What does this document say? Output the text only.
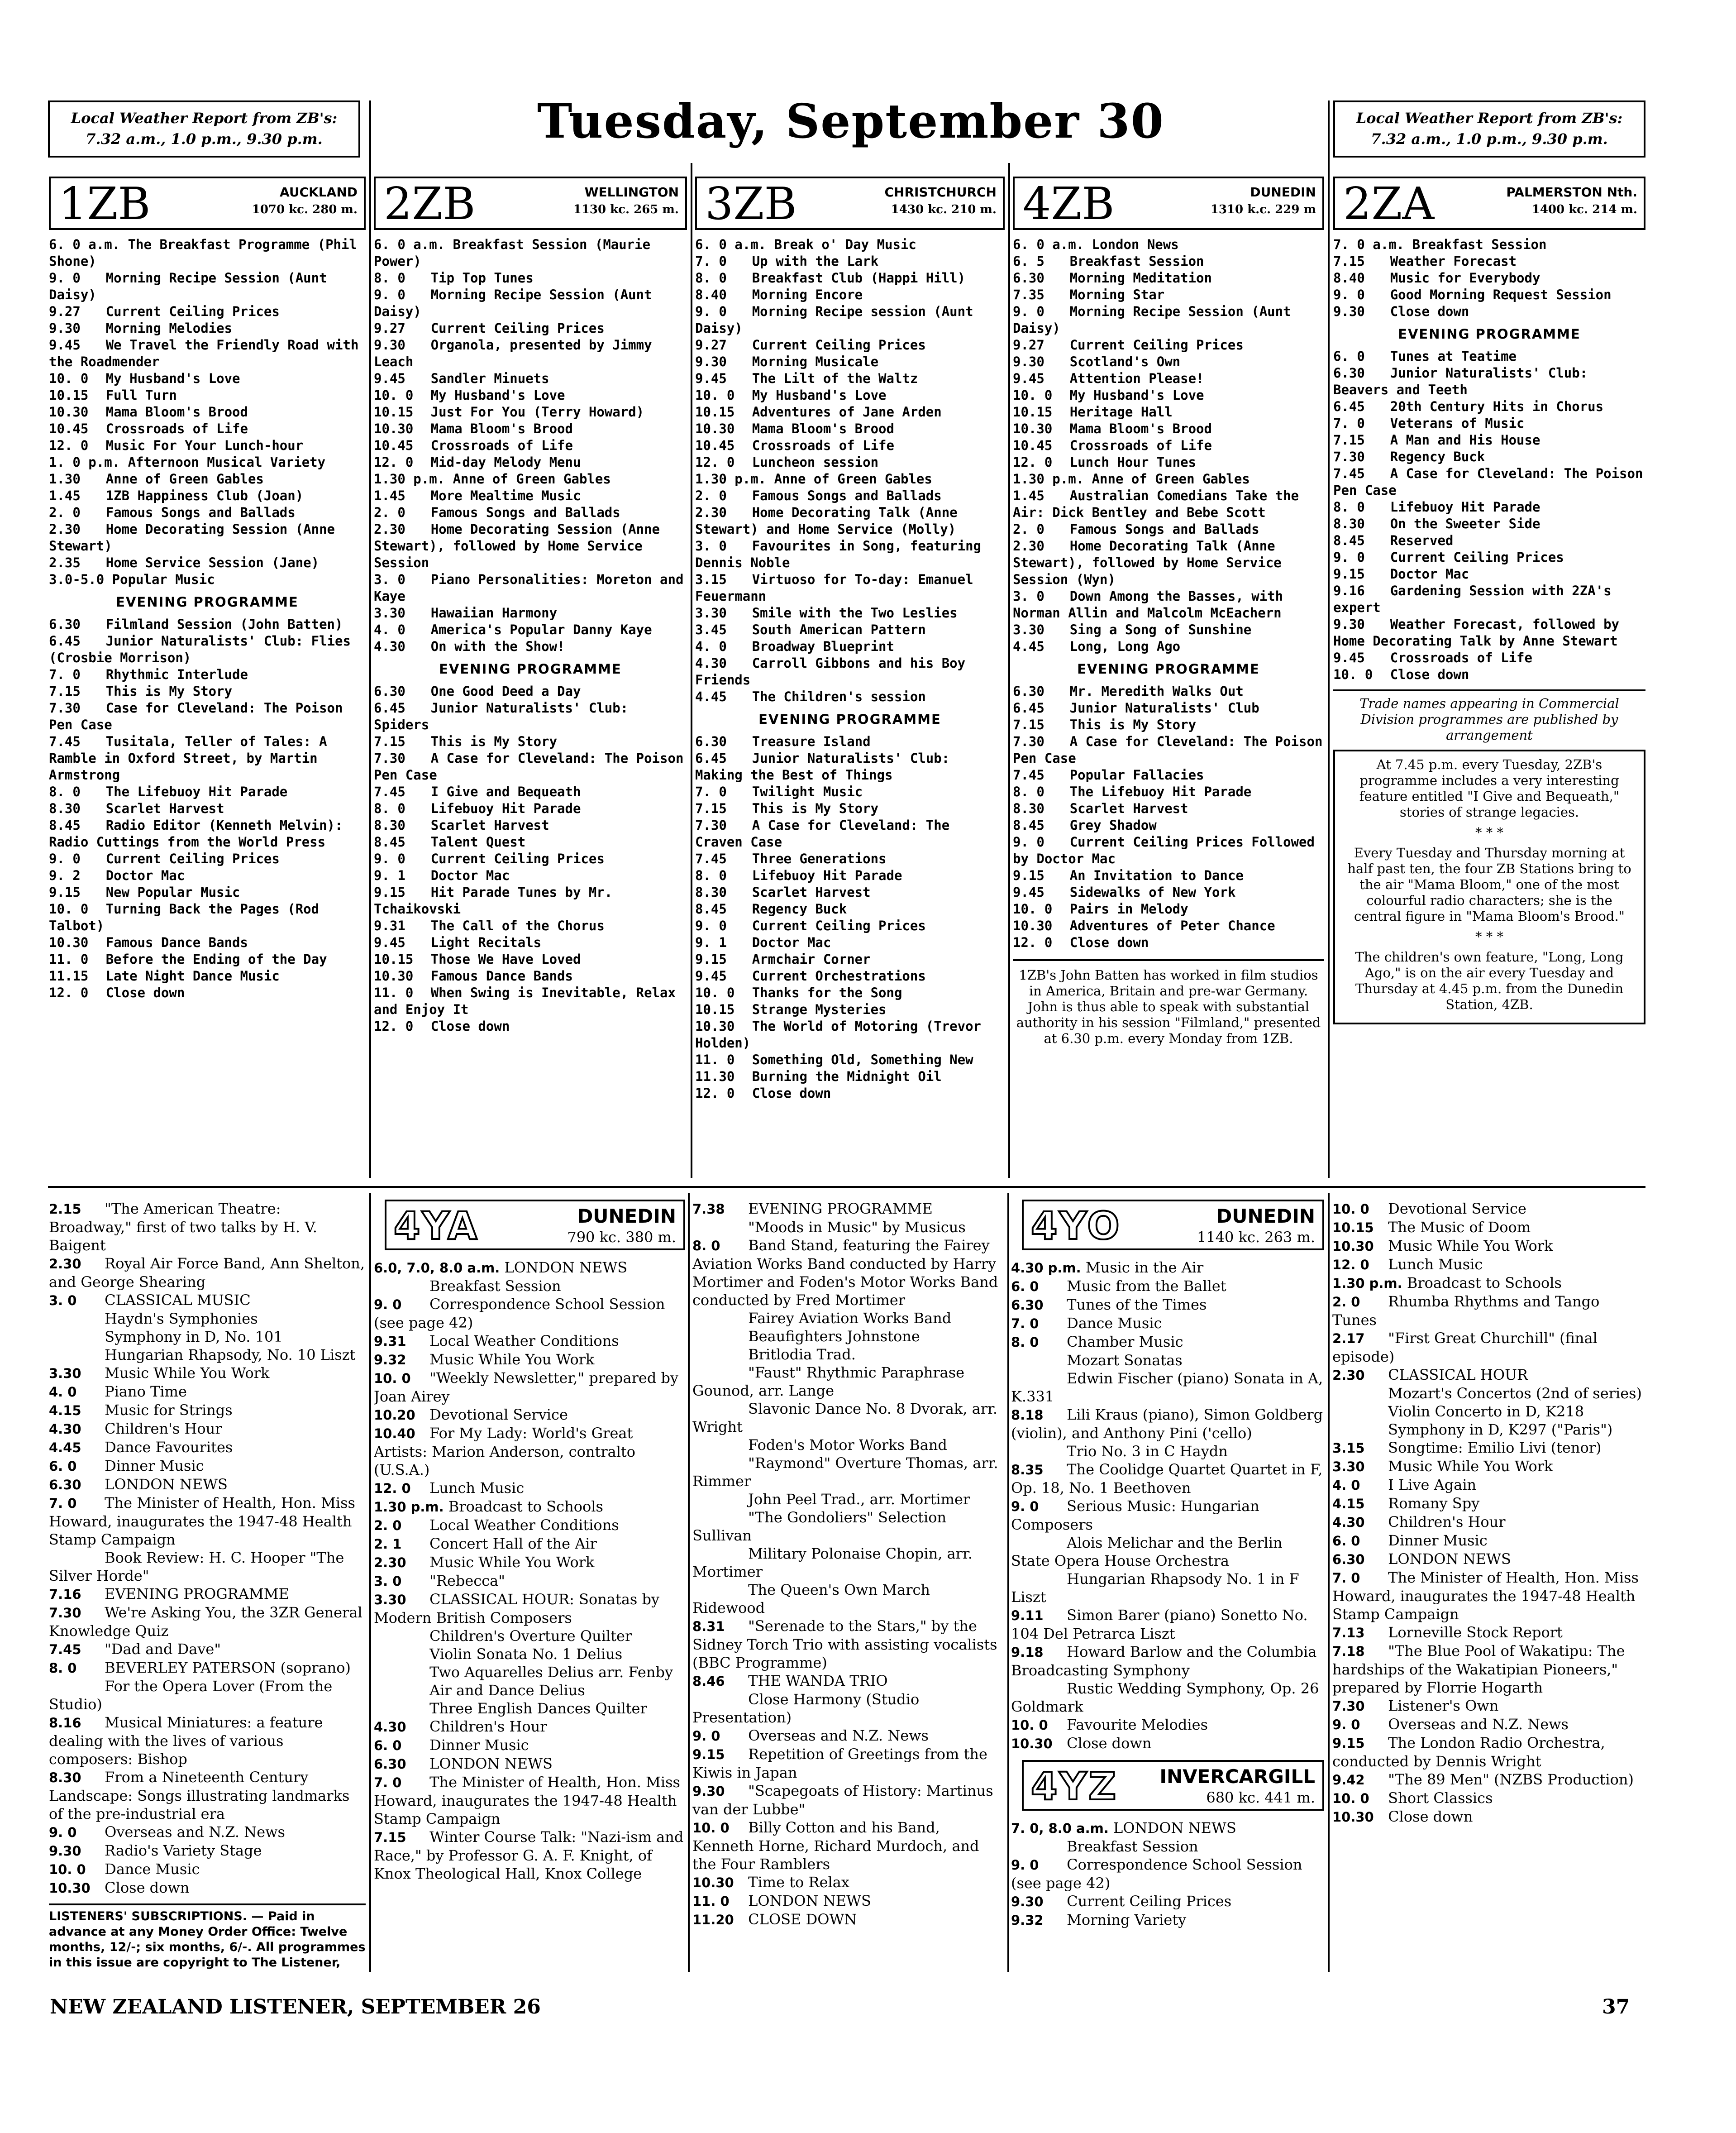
Local Weather Report from ZB's:
7.32 a.m., 1.0 p.m., 9.30 p.m.	Tuesday, September 30	Local Weather Report from ZB's:
7.32 a.m., 1.0 p.m., 9.30 p.m.
1ZB	AUCKLAND
1070 kc. 280 m.
6. 0 a.m. The Breakfast Programme (Phil Shone)
9. 0 Morning Recipe Session (Aunt Daisy)
9.27 Current Ceiling Prices
9.30 Morning Melodies
9.45 We Travel the Friendly Road with the Roadmender
10. 0 My Husband's Love
10.15 Full Turn
10.30 Mama Bloom's Brood
10.45 Crossroads of Life
12. 0 Music For Your Lunch-hour
1. 0 p.m. Afternoon Musical Variety
1.30 Anne of Green Gables
1.45 1ZB Happiness Club (Joan)
2. 0 Famous Songs and Ballads
2.30 Home Decorating Session (Anne Stewart)
2.35 Home Service Session (Jane)
3.0-5.0 Popular Music
EVENING PROGRAMME
6.30 Filmland Session (John Batten)
6.45 Junior Naturalists' Club: Flies (Crosbie Morrison)
7. 0 Rhythmic Interlude
7.15 This is My Story
7.30 Case for Cleveland: The Poison Pen Case
7.45 Tusitala, Teller of Tales: A Ramble in Oxford Street, by Martin Armstrong
8. 0 The Lifebuoy Hit Parade
8.30 Scarlet Harvest
8.45 Radio Editor (Kenneth Melvin): Radio Cuttings from the World Press
9. 0 Current Ceiling Prices
9. 2 Doctor Mac
9.15 New Popular Music
10. 0 Turning Back the Pages (Rod Talbot)
10.30 Famous Dance Bands
11. 0 Before the Ending of the Day
11.15 Late Night Dance Music
12. 0 Close down
2ZB	WELLINGTON
1130 kc. 265 m.
6. 0 a.m. Breakfast Session (Maurie Power)
8. 0 Tip Top Tunes
9. 0 Morning Recipe Session (Aunt Daisy)
9.27 Current Ceiling Prices
9.30 Organola, presented by Jimmy Leach
9.45 Sandler Minuets
10. 0 My Husband's Love
10.15 Just For You (Terry Howard)
10.30 Mama Bloom's Brood
10.45 Crossroads of Life
12. 0 Mid-day Melody Menu
1.30 p.m. Anne of Green Gables
1.45 More Mealtime Music
2. 0 Famous Songs and Ballads
2.30 Home Decorating Session (Anne Stewart), followed by Home Service Session
3. 0 Piano Personalities: Moreton and Kaye
3.30 Hawaiian Harmony
4. 0 America's Popular Danny Kaye
4.30 On with the Show!
EVENING PROGRAMME
6.30 One Good Deed a Day
6.45 Junior Naturalists' Club: Spiders
7.15 This is My Story
7.30 A Case for Cleveland: The Poison Pen Case
7.45 I Give and Bequeath
8. 0 Lifebuoy Hit Parade
8.30 Scarlet Harvest
8.45 Talent Quest
9. 0 Current Ceiling Prices
9. 1 Doctor Mac
9.15 Hit Parade Tunes by Mr. Tchaikovski
9.31 The Call of the Chorus
9.45 Light Recitals
10.15 Those We Have Loved
10.30 Famous Dance Bands
11. 0 When Swing is Inevitable, Relax and Enjoy It
12. 0 Close down
3ZB	CHRISTCHURCH
1430 kc. 210 m.
6. 0 a.m. Break o' Day Music
7. 0 Up with the Lark
8. 0 Breakfast Club (Happi Hill)
8.40 Morning Encore
9. 0 Morning Recipe session (Aunt Daisy)
9.27 Current Ceiling Prices
9.30 Morning Musicale
9.45 The Lilt of the Waltz
10. 0 My Husband's Love
10.15 Adventures of Jane Arden
10.30 Mama Bloom's Brood
10.45 Crossroads of Life
12. 0 Luncheon session
1.30 p.m. Anne of Green Gables
2. 0 Famous Songs and Ballads
2.30 Home Decorating Talk (Anne Stewart) and Home Service (Molly)
3. 0 Favourites in Song, featuring Dennis Noble
3.15 Virtuoso for To-day: Emanuel Feuermann
3.30 Smile with the Two Leslies
3.45 South American Pattern
4. 0 Broadway Blueprint
4.30 Carroll Gibbons and his Boy Friends
4.45 The Children's session
EVENING PROGRAMME
6.30 Treasure Island
6.45 Junior Naturalists' Club: Making the Best of Things
7. 0 Twilight Music
7.15 This is My Story
7.30 A Case for Cleveland: The Craven Case
7.45 Three Generations
8. 0 Lifebuoy Hit Parade
8.30 Scarlet Harvest
8.45 Regency Buck
9. 0 Current Ceiling Prices
9. 1 Doctor Mac
9.15 Armchair Corner
9.45 Current Orchestrations
10. 0 Thanks for the Song
10.15 Strange Mysteries
10.30 The World of Motoring (Trevor Holden)
11. 0 Something Old, Something New
11.30 Burning the Midnight Oil
12. 0 Close down
4ZB	DUNEDIN
1310 k.c. 229 m
6. 0 a.m. London News
6. 5 Breakfast Session
6.30 Morning Meditation
7.35 Morning Star
9. 0 Morning Recipe Session (Aunt Daisy)
9.27 Current Ceiling Prices
9.30 Scotland's Own
9.45 Attention Please!
10. 0 My Husband's Love
10.15 Heritage Hall
10.30 Mama Bloom's Brood
10.45 Crossroads of Life
12. 0 Lunch Hour Tunes
1.30 p.m. Anne of Green Gables
1.45 Australian Comedians Take the Air: Dick Bentley and Bebe Scott
2. 0 Famous Songs and Ballads
2.30 Home Decorating Talk (Anne Stewart), followed by Home Service Session (Wyn)
3. 0 Down Among the Basses, with Norman Allin and Malcolm McEachern
3.30 Sing a Song of Sunshine
4.45 Long, Long Ago
EVENING PROGRAMME
6.30 Mr. Meredith Walks Out
6.45 Junior Naturalists' Club
7.15 This is My Story
7.30 A Case for Cleveland: The Poison Pen Case
7.45 Popular Fallacies
8. 0 The Lifebuoy Hit Parade
8.30 Scarlet Harvest
8.45 Grey Shadow
9. 0 Current Ceiling Prices Followed by Doctor Mac
9.15 An Invitation to Dance
9.45 Sidewalks of New York
10. 0 Pairs in Melody
10.30 Adventures of Peter Chance
12. 0 Close down

1ZB's John Batten has worked in film studios in America, Britain and pre-war Germany. John is thus able to speak with substantial authority in his session "Filmland," presented at 6.30 p.m. every Monday from 1ZB.

2ZA	PALMERSTON Nth.
1400 kc. 214 m.
7. 0 a.m. Breakfast Session
7.15 Weather Forecast
8.40 Music for Everybody
9. 0 Good Morning Request Session
9.30 Close down
EVENING PROGRAMME
6. 0 Tunes at Teatime
6.30 Junior Naturalists' Club: Beavers and Teeth
6.45 20th Century Hits in Chorus
7. 0 Veterans of Music
7.15 A Man and His House
7.30 Regency Buck
7.45 A Case for Cleveland: The Poison Pen Case
8. 0 Lifebuoy Hit Parade
8.30 On the Sweeter Side
8.45 Reserved
9. 0 Current Ceiling Prices
9.15 Doctor Mac
9.16 Gardening Session with 2ZA's expert
9.30 Weather Forecast, followed by Home Decorating Talk by Anne Stewart
9.45 Crossroads of Life
10. 0 Close down
Trade names appearing in Commercial Division programmes are published by arrangement

At 7.45 p.m. every Tuesday, 2ZB's programme includes a very interesting feature entitled "I Give and Bequeath," stories of strange legacies.

* * *

Every Tuesday and Thursday morning at half past ten, the four ZB Stations bring to the air "Mama Bloom," one of the most colourful radio characters; she is the central figure in "Mama Bloom's Brood."

* * *

The children's own feature, "Long, Long Ago," is on the air every Tuesday and Thursday at 4.45 p.m. from the Dunedin Station, 4ZB.

2.15 "The American Theatre: Broadway," first of two talks by H. V. Baigent
2.30 Royal Air Force Band, Ann Shelton, and George Shearing
3. 0 CLASSICAL MUSIC
Haydn's Symphonies
Symphony in D, No. 101
Hungarian Rhapsody, No. 10 Liszt
3.30 Music While You Work
4. 0 Piano Time
4.15 Music for Strings
4.30 Children's Hour
4.45 Dance Favourites
6. 0 Dinner Music
6.30 LONDON NEWS
7. 0 The Minister of Health, Hon. Miss Howard, inaugurates the 1947-48 Health Stamp Campaign
Book Review: H. C. Hooper "The Silver Horde"
7.16 EVENING PROGRAMME
7.30 We're Asking You, the 3ZR General Knowledge Quiz
7.45 "Dad and Dave"
8. 0 BEVERLEY PATERSON (soprano)
For the Opera Lover (From the Studio)
8.16 Musical Miniatures: a feature dealing with the lives of various composers: Bishop
8.30 From a Nineteenth Century Landscape: Songs illustrating landmarks of the pre-industrial era
9. 0 Overseas and N.Z. News
9.30 Radio's Variety Stage
10. 0 Dance Music
10.30 Close down
LISTENERS' SUBSCRIPTIONS. — Paid in advance at any Money Order Office: Twelve months, 12/-; six months, 6/-. All programmes in this issue are copyright to The Listener,
4YA	DUNEDIN
790 kc. 380 m.
6.0, 7.0, 8.0 a.m. LONDON NEWS
Breakfast Session
9. 0 Correspondence School Session (see page 42)
9.31 Local Weather Conditions
9.32 Music While You Work
10. 0 "Weekly Newsletter," prepared by Joan Airey
10.20 Devotional Service
10.40 For My Lady: World's Great Artists: Marion Anderson, contralto (U.S.A.)
12. 0 Lunch Music
1.30 p.m. Broadcast to Schools
2. 0 Local Weather Conditions
2. 1 Concert Hall of the Air
2.30 Music While You Work
3. 0 "Rebecca"
3.30 CLASSICAL HOUR: Sonatas by Modern British Composers
Children's Overture Quilter
Violin Sonata No. 1 Delius
Two Aquarelles Delius arr. Fenby
Air and Dance Delius
Three English Dances Quilter
4.30 Children's Hour
6. 0 Dinner Music
6.30 LONDON NEWS
7. 0 The Minister of Health, Hon. Miss Howard, inaugurates the 1947-48 Health Stamp Campaign
7.15 Winter Course Talk: "Nazi-ism and Race," by Professor G. A. F. Knight, of Knox Theological Hall, Knox College
7.38 EVENING PROGRAMME
"Moods in Music" by Musicus
8. 0 Band Stand, featuring the Fairey Aviation Works Band conducted by Harry Mortimer and Foden's Motor Works Band conducted by Fred Mortimer
Fairey Aviation Works Band
Beaufighters Johnstone
Britlodia Trad.
"Faust" Rhythmic Paraphrase Gounod, arr. Lange
Slavonic Dance No. 8 Dvorak, arr. Wright
Foden's Motor Works Band
"Raymond" Overture Thomas, arr. Rimmer
John Peel Trad., arr. Mortimer
"The Gondoliers" Selection Sullivan
Military Polonaise Chopin, arr. Mortimer
The Queen's Own March Ridewood
8.31 "Serenade to the Stars," by the Sidney Torch Trio with assisting vocalists (BBC Programme)
8.46 THE WANDA TRIO
Close Harmony (Studio Presentation)
9. 0 Overseas and N.Z. News
9.15 Repetition of Greetings from the Kiwis in Japan
9.30 "Scapegoats of History: Martinus van der Lubbe"
10. 0 Billy Cotton and his Band, Kenneth Horne, Richard Murdoch, and the Four Ramblers
10.30 Time to Relax
11. 0 LONDON NEWS
11.20 CLOSE DOWN
4YO	DUNEDIN
1140 kc. 263 m.
4.30 p.m. Music in the Air
6. 0 Music from the Ballet
6.30 Tunes of the Times
7. 0 Dance Music
8. 0 Chamber Music
Mozart Sonatas
Edwin Fischer (piano) Sonata in A, K.331
8.18 Lili Kraus (piano), Simon Goldberg (violin), and Anthony Pini ('cello)
Trio No. 3 in C Haydn
8.35 The Coolidge Quartet Quartet in F, Op. 18, No. 1 Beethoven
9. 0 Serious Music: Hungarian Composers
Alois Melichar and the Berlin State Opera House Orchestra
Hungarian Rhapsody No. 1 in F Liszt
9.11 Simon Barer (piano) Sonetto No. 104 Del Petrarca Liszt
9.18 Howard Barlow and the Columbia Broadcasting Symphony
Rustic Wedding Symphony, Op. 26 Goldmark
10. 0 Favourite Melodies
10.30 Close down
4YZ INVERCARGILL
680 kc. 441 m.
7. 0, 8.0 a.m. LONDON NEWS
Breakfast Session
9. 0 Correspondence School Session (see page 42)
9.30 Current Ceiling Prices
9.32 Morning Variety
10. 0 Devotional Service
10.15 The Music of Doom
10.30 Music While You Work
12. 0 Lunch Music
1.30 p.m. Broadcast to Schools
2. 0 Rhumba Rhythms and Tango Tunes
2.17 "First Great Churchill" (final episode)
2.30 CLASSICAL HOUR
Mozart's Concertos (2nd of series)
Violin Concerto in D, K218
Symphony in D, K297 ("Paris")
3.15 Songtime: Emilio Livi (tenor)
3.30 Music While You Work
4. 0 I Live Again
4.15 Romany Spy
4.30 Children's Hour
6. 0 Dinner Music
6.30 LONDON NEWS
7. 0 The Minister of Health, Hon. Miss Howard, inaugurates the 1947-48 Health Stamp Campaign
7.13 Lorneville Stock Report
7.18 "The Blue Pool of Wakatipu: The hardships of the Wakatipian Pioneers," prepared by Florrie Hogarth
7.30 Listener's Own
9. 0 Overseas and N.Z. News
9.15 The London Radio Orchestra, conducted by Dennis Wright
9.42 "The 89 Men" (NZBS Production)
10. 0 Short Classics
10.30 Close down
NEW ZEALAND LISTENER, SEPTEMBER 26	37
